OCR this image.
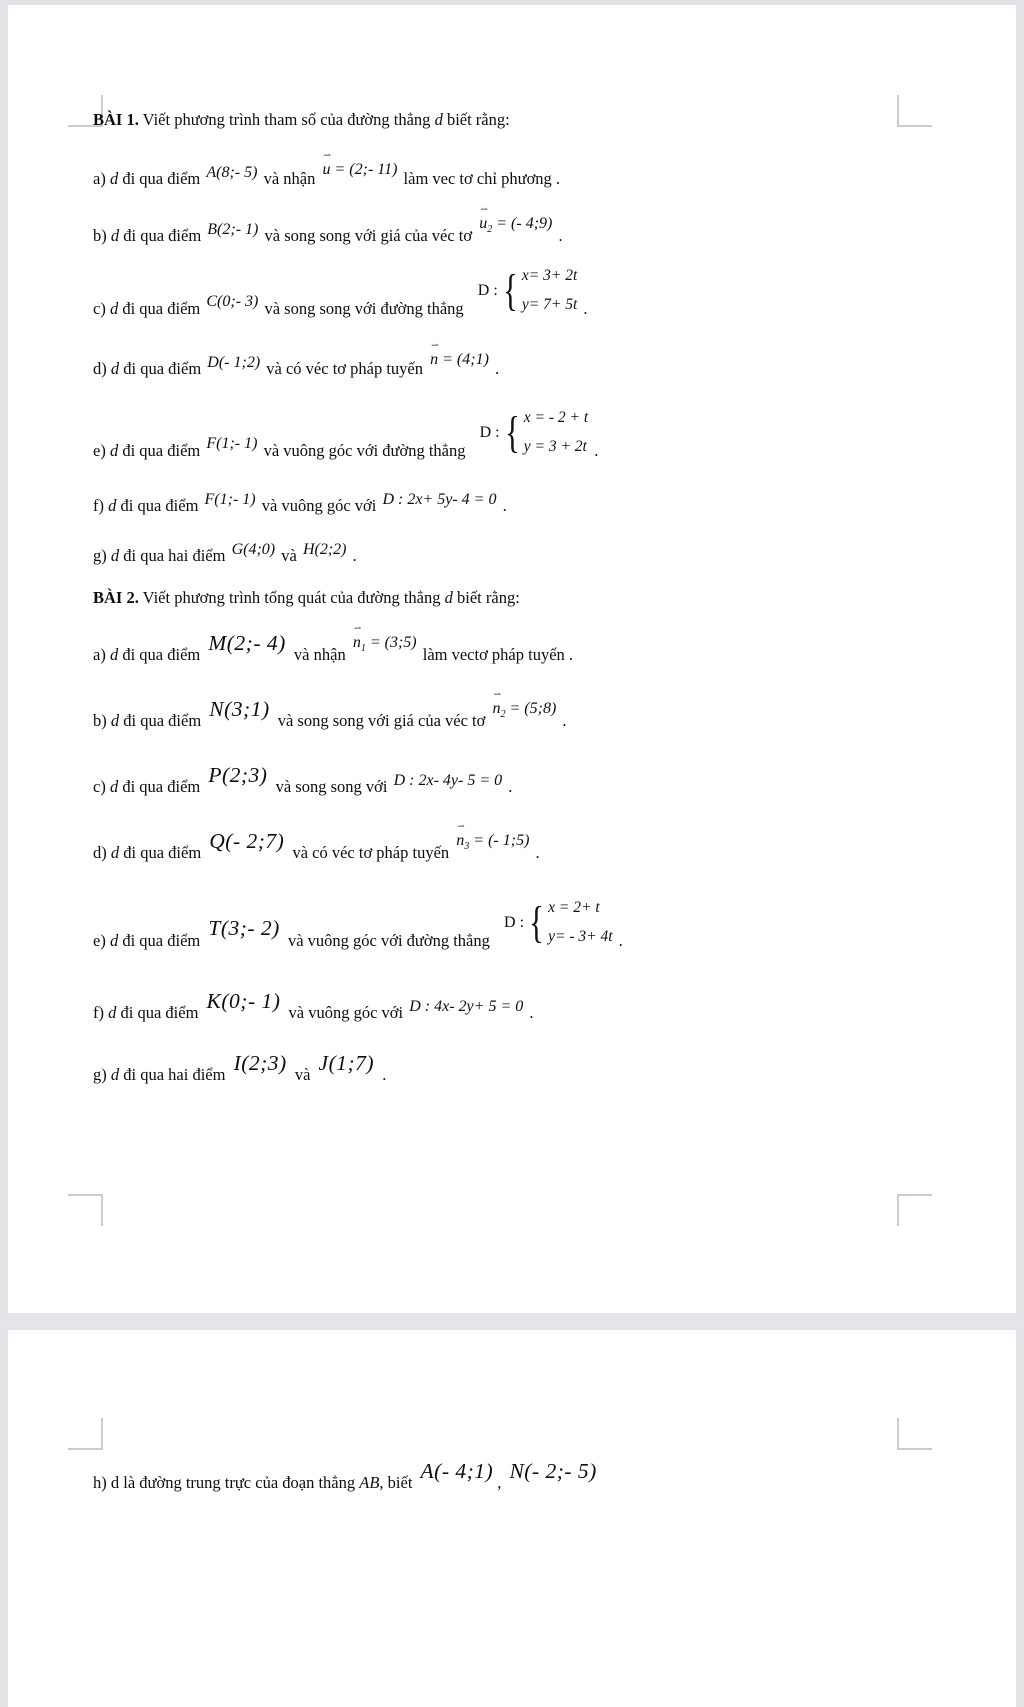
BÀI 1. Viết phương trình tham số của đường thẳng d biết rằng:
a) d đi qua điểm A(8;- 5) và nhận
⇀
u = (2;- 11) làm vec tơ chỉ phương .
b) d đi qua điểm B(2;- 1) và song song với giá của véc tơ
⇀
$u_2$ = (- 4;9)
.
c) d đi qua điểm C(0;- 3) và song song với đường thẳng
D : { x= 3+ 2t
y= 7+ 5t .
d) d đi qua điểm D(- 1;2) và có véc tơ pháp tuyến
⇀
n = (4;1) .
e) d đi qua điểm F(1;- 1) và vuông góc với đường thẳng
D : { x = - 2 + t
y = 3 + 2t .
f) d đi qua điểm F(1;- 1) và vuông góc với D : 2x+ 5y- 4 = 0 .
g) d đi qua hai điểm G(4;0) và H(2;2) .
BÀI 2. Viết phương trình tổng quát của đường thẳng d biết rằng:
a) d đi qua điểm M(2;- 4) và nhận
⇀
$n_1$ = (3;5)
làm vectơ pháp tuyến .
b) d đi qua điểm N(3;1) và song song với giá của véc tơ
⇀
$n_2$ = (5;8)
.
c) d đi qua điểm P(2;3) và song song với D : 2x- 4y- 5 = 0 .
d) d đi qua điểm Q(- 2;7) và có véc tơ pháp tuyến
⇀
$n_3$ = (- 1;5)
.
e) d đi qua điểm T(3;- 2) và vuông góc với đường thẳng
D : { x = 2+ t
y= - 3+ 4t .
f) d đi qua điểm K(0;- 1) và vuông góc với D : 4x- 2y+ 5 = 0 .
g) d đi qua hai điểm I(2;3) và J(1;7) .
h) d là đường trung trực của đoạn thẳng AB , biết A(- 4;1) , N(- 2;- 5)
